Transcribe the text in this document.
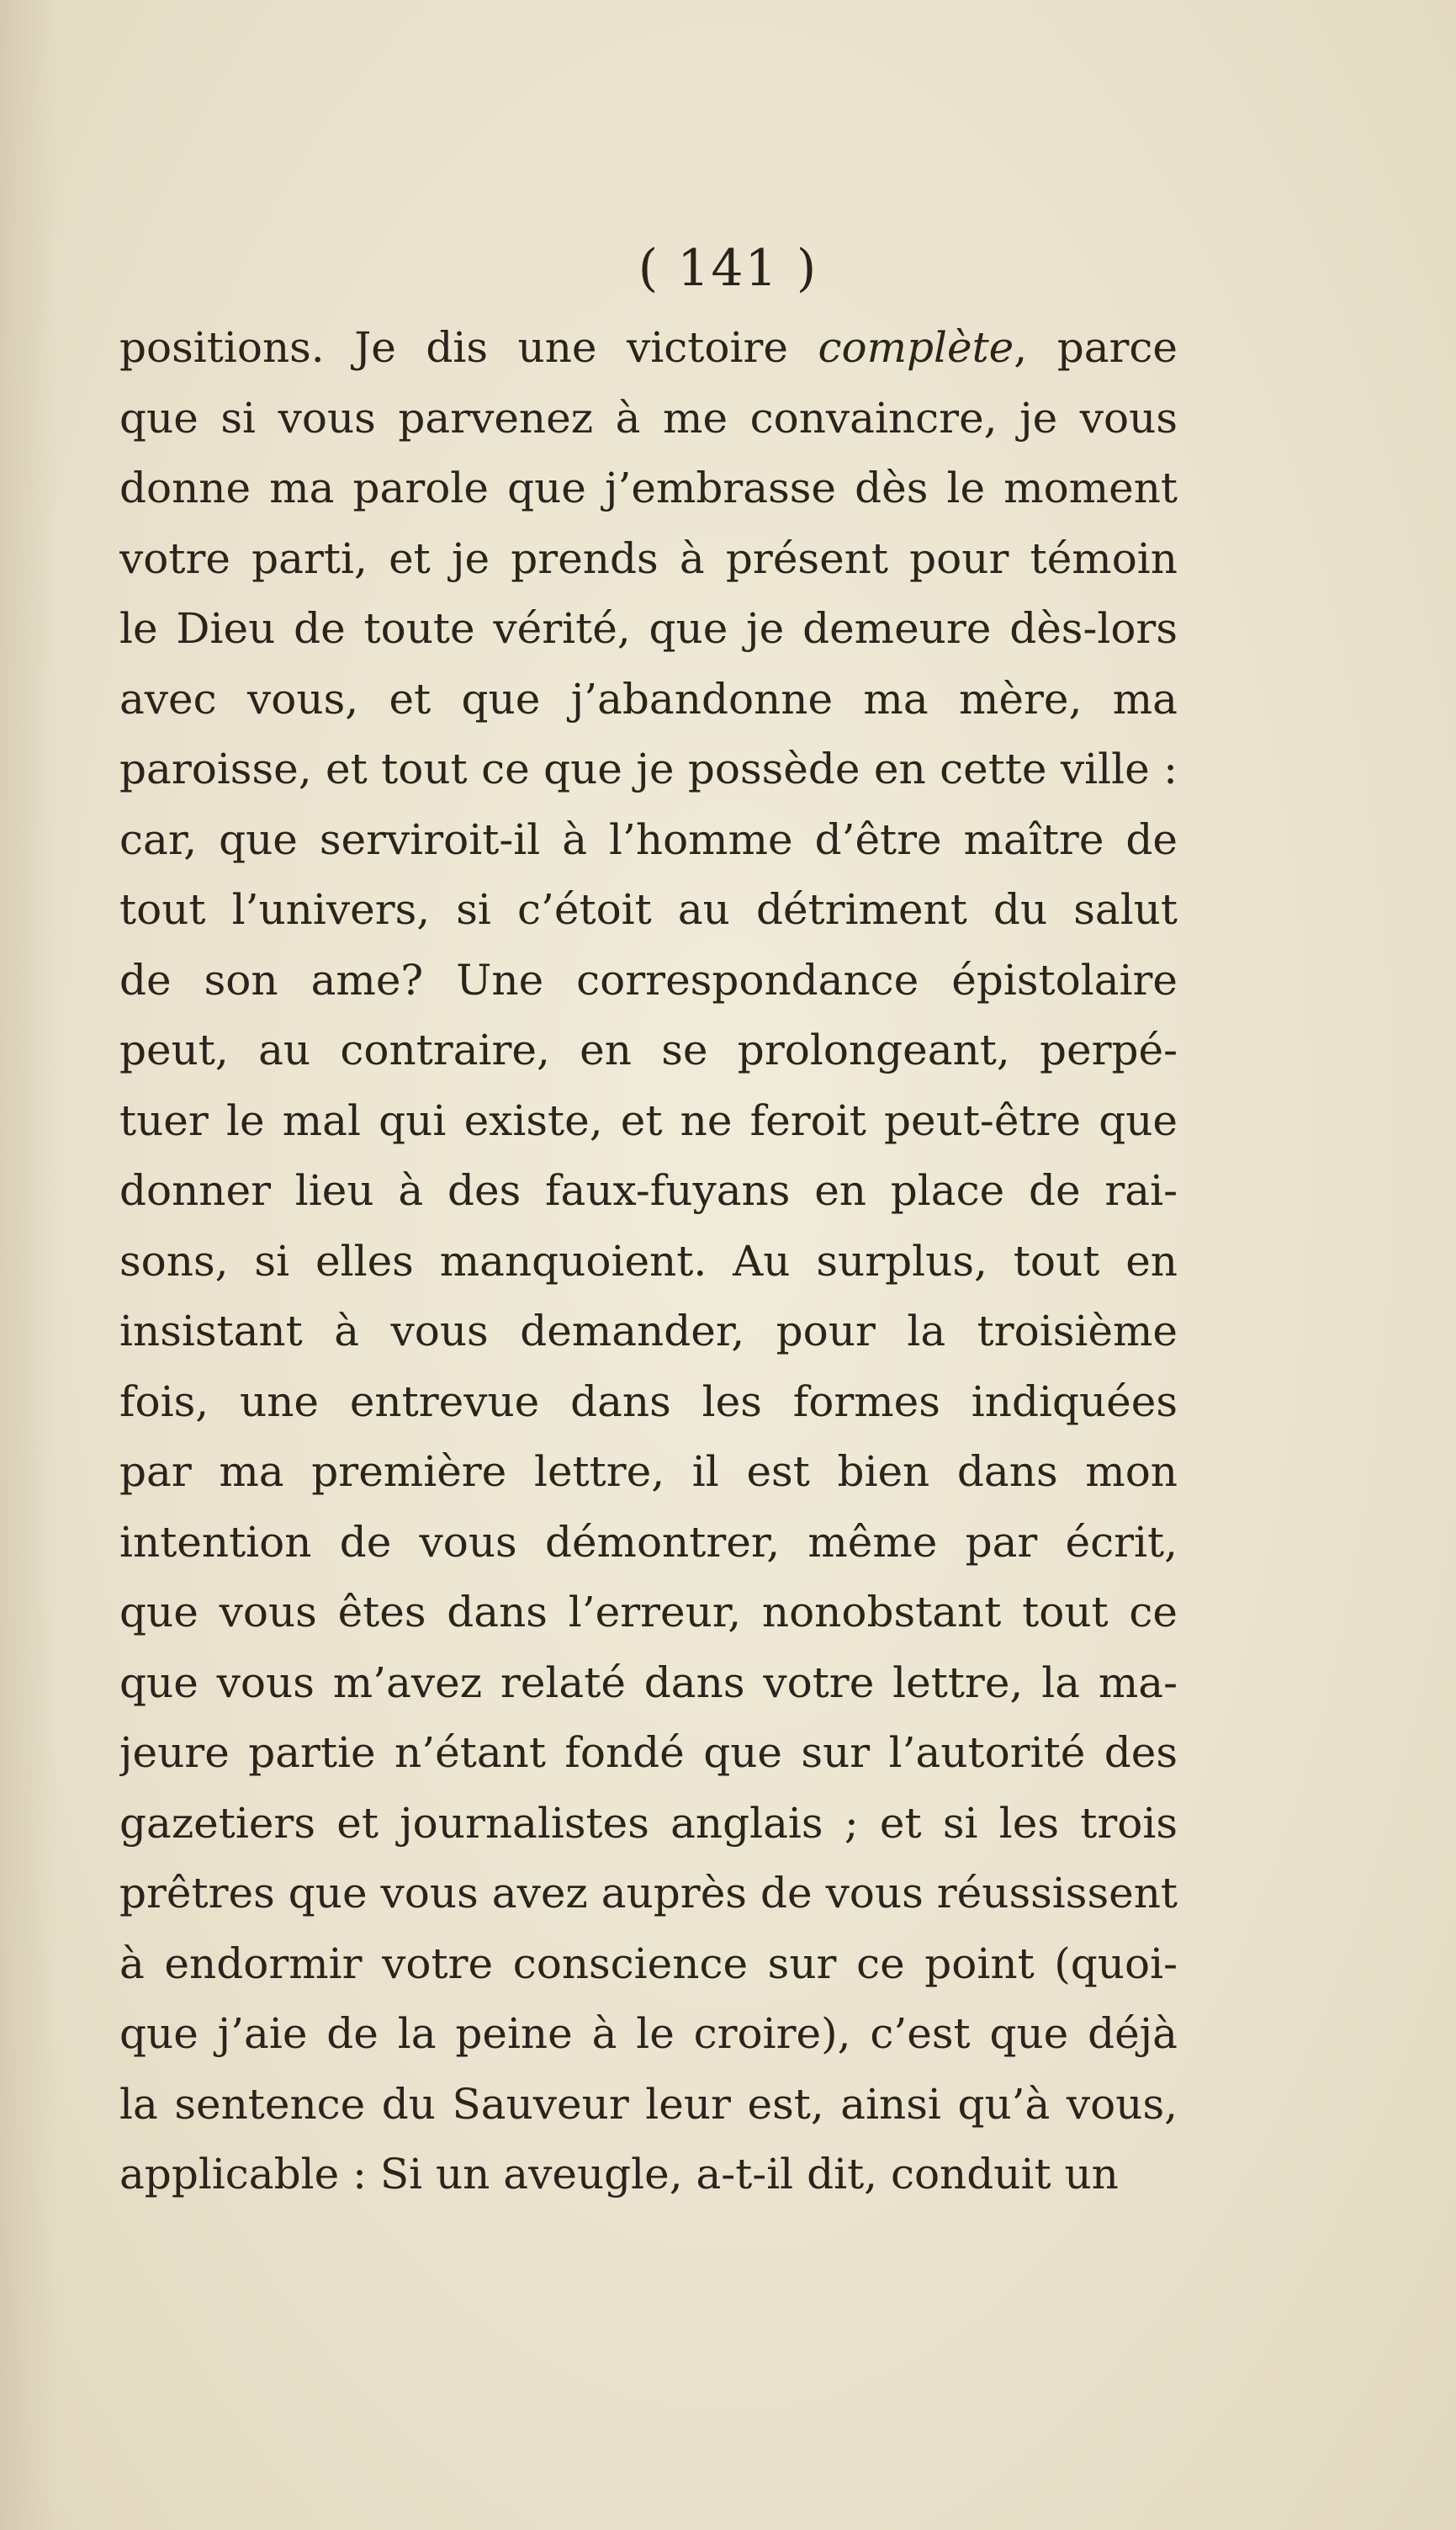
( 141 )
positions. Je dis une victoire complète, parce
que si vous parvenez à me convaincre, je vous
donne ma parole que j’embrasse dès le moment
votre parti, et je prends à présent pour témoin
le Dieu de toute vérité, que je demeure dès-lors
avec vous, et que j’abandonne ma mère, ma
paroisse, et tout ce que je possède en cette ville :
car, que serviroit-il à l’homme d’être maître de
tout l’univers, si c’étoit au détriment du salut
de son ame? Une correspondance épistolaire
peut, au contraire, en se prolongeant, perpé-
tuer le mal qui existe, et ne feroit peut-être que
donner lieu à des faux-fuyans en place de rai-
sons, si elles manquoient. Au surplus, tout en
insistant à vous demander, pour la troisième
fois, une entrevue dans les formes indiquées
par ma première lettre, il est bien dans mon
intention de vous démontrer, même par écrit,
que vous êtes dans l’erreur, nonobstant tout ce
que vous m’avez relaté dans votre lettre, la ma-
jeure partie n’étant fondé que sur l’autorité des
gazetiers et journalistes anglais ; et si les trois
prêtres que vous avez auprès de vous réussissent
à endormir votre conscience sur ce point (quoi-
que j’aie de la peine à le croire), c’est que déjà
la sentence du Sauveur leur est, ainsi qu’à vous,
applicable : Si un aveugle, a-t-il dit, conduit un
